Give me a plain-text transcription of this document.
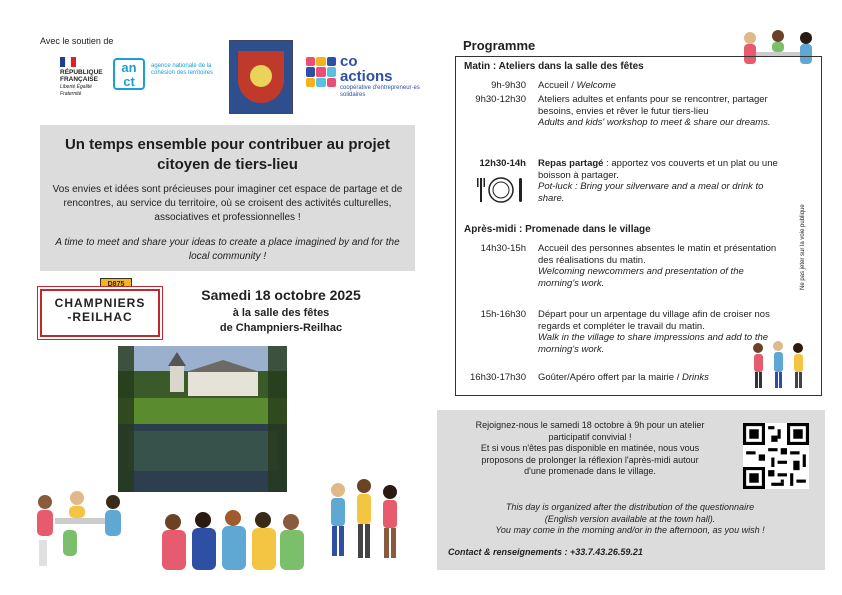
Avec le soutien de
RÉPUBLIQUE FRANÇAISE
Liberté Égalité Fraternité
an ct
agence nationale de la cohésion des territoires
co actions
coopérative d'entrepreneur·es solidaires
Un temps ensemble pour contribuer au projet citoyen de tiers-lieu
Vos envies et idées sont précieuses pour imaginer cet espace de partage et de rencontres, au service du territoire, où se croisent des activités culturelles, associatives et professionnelles !
A time to meet and share your ideas to create a place imagined by and for the local community !
D875
CHAMPNIERS
-REILHAC
Samedi 18 octobre 2025
à la salle des fêtes
de Champniers-Reilhac
Programme
Matin : Ateliers dans la salle des fêtes
9h-9h30 Accueil / Welcome
9h30-12h30 Ateliers adultes et enfants pour se rencontrer, partager besoins, envies et rêver le futur tiers-lieu
Adults and kids' workshop to meet & share our dreams.
12h30-14h Repas partagé : apportez vos couverts et un plat ou une boisson à partager.
Pot-luck : Bring your silverware and a meal or drink to share.
Après-midi : Promenade dans le village
14h30-15h Accueil des personnes absentes le matin et présentation des réalisations du matin.
Welcoming newcommers and presentation of the morning's work.
15h-16h30 Départ pour un arpentage du village afin de croiser nos regards et compléter le travail du matin.
Walk in the village to share impressions and add to the morning's work.
16h30-17h30 Goûter/Apéro offert par la mairie / Drinks
Ne pas jeter sur la voie publique
Rejoignez-nous le samedi 18 octobre à 9h pour un atelier
participatif convivial !
Et si vous n'êtes pas disponible en matinée, nous vous
proposons de prolonger la réflexion l'après-midi autour
d'une promenade dans le village.
This day is organized after the distribution of the questionnaire
(English version available at the town hall).
You may come in the morning and/or in the afternoon, as you wish !
Contact & renseignements : +33.7.43.26.59.21
